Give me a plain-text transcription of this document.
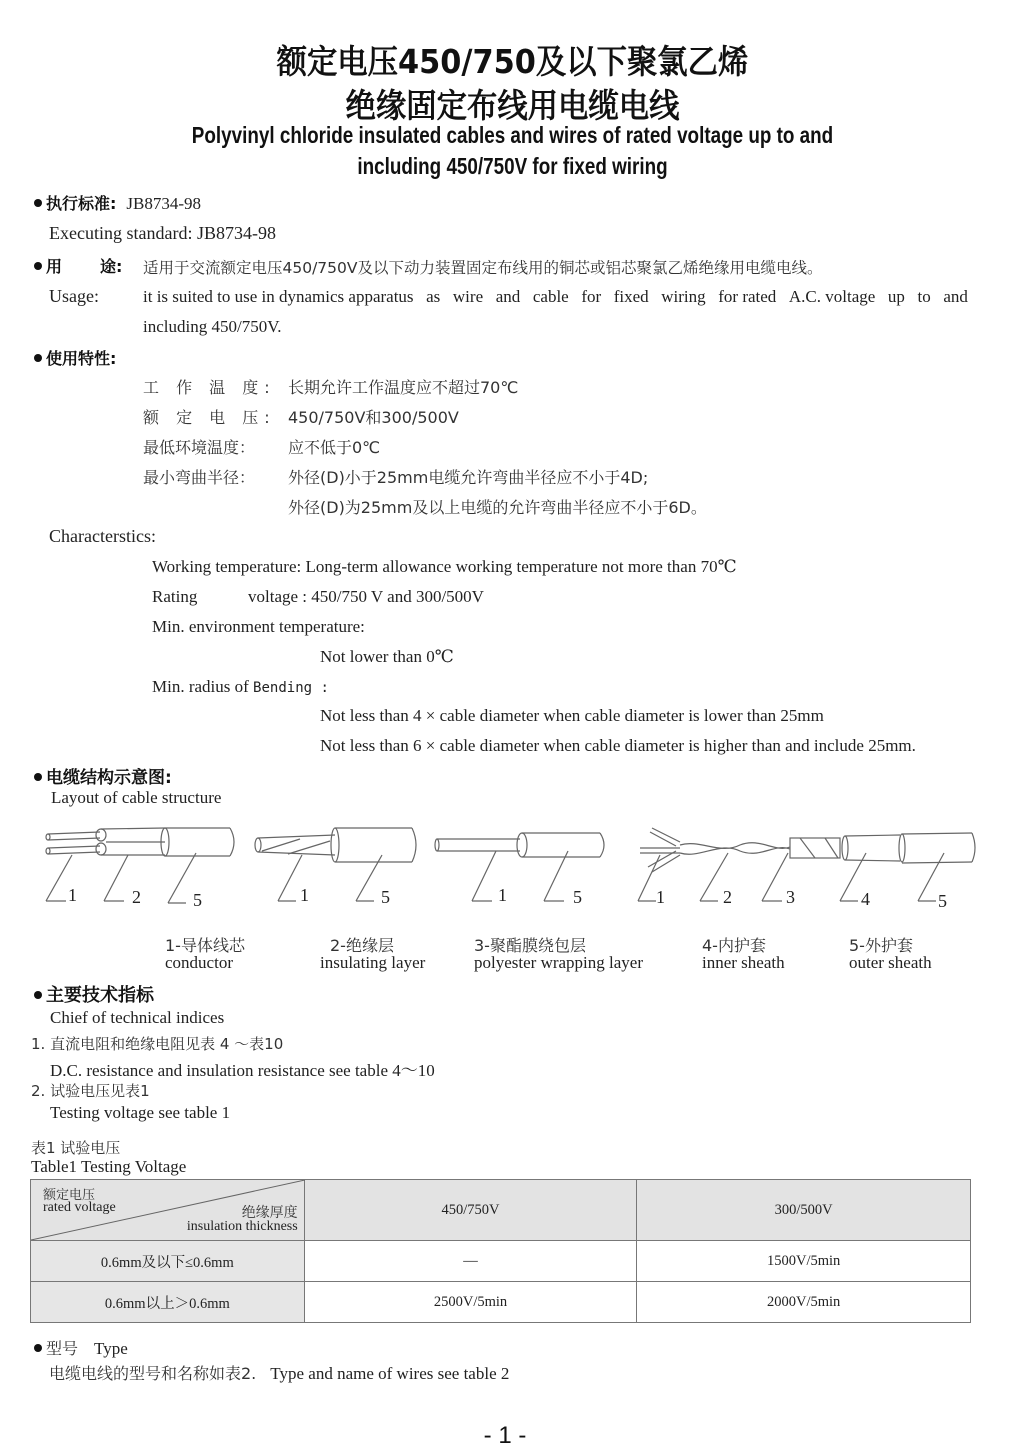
额定电压450/750及以下聚氯乙烯
绝缘固定布线用电缆电线
Polyvinyl chloride insulated cables and wires of rated voltage up to and
including 450/750V for fixed wiring
执行标准: JB8734-98
Executing standard: JB8734-98
用 途: 适用于交流额定电压450/750V及以下动力装置固定布线用的铜芯或铝芯聚氯乙烯绝缘用电缆电线。
Usage:	it is suited to use in dynamics apparatus as wire and cable for fixed wiring for rated A.C. voltage up to and
including 450/750V.
使用特性:
工 作 温 度: 长期允许工作温度应不超过70℃
额 定 电 压: 450/750V和300/500V
最低环境温度： 应不低于0℃
最小弯曲半径： 外径(D)小于25mm电缆允许弯曲半径应不小于4D;
外径(D)为25mm及以上电缆的允许弯曲半径应不小于6D。
Characterstics:
Working temperature: Long-term allowance working temperature not more than 70℃
Rating	voltage : 450/750 V and 300/500V
Min. environment temperature:
Not lower than 0℃
Min. radius of Bending :
Not less than 4 × cable diameter when cable diameter is lower than 25mm
Not less than 6 × cable diameter when cable diameter is higher than and include 25mm.
电缆结构示意图:
Layout of cable structure
1	2	5	1	5	1	5	1	2	3	4	5
1-导体线芯
conductor
2-绝缘层
insulating layer
3-聚酯膜绕包层
polyester wrapping layer
4-内护套
inner sheath
5-外护套
outer sheath
主要技术指标
Chief of technical indices
1. 直流电阻和绝缘电阻见表 4 ～表10
D.C. resistance and insulation resistance see table 4～10
2. 试验电压见表1
Testing voltage see table 1
表1 试验电压
Table1 Testing Voltage
额定电压
rated voltage 绝缘厚度
insulation thickness	450/750V	300/500V
0.6mm及以下≤0.6mm	—	1500V/5min
0.6mm以上＞0.6mm	2500V/5min	2000V/5min
型号 Type
电缆电线的型号和名称如表2. Type and name of wires see table 2
- 1 -
